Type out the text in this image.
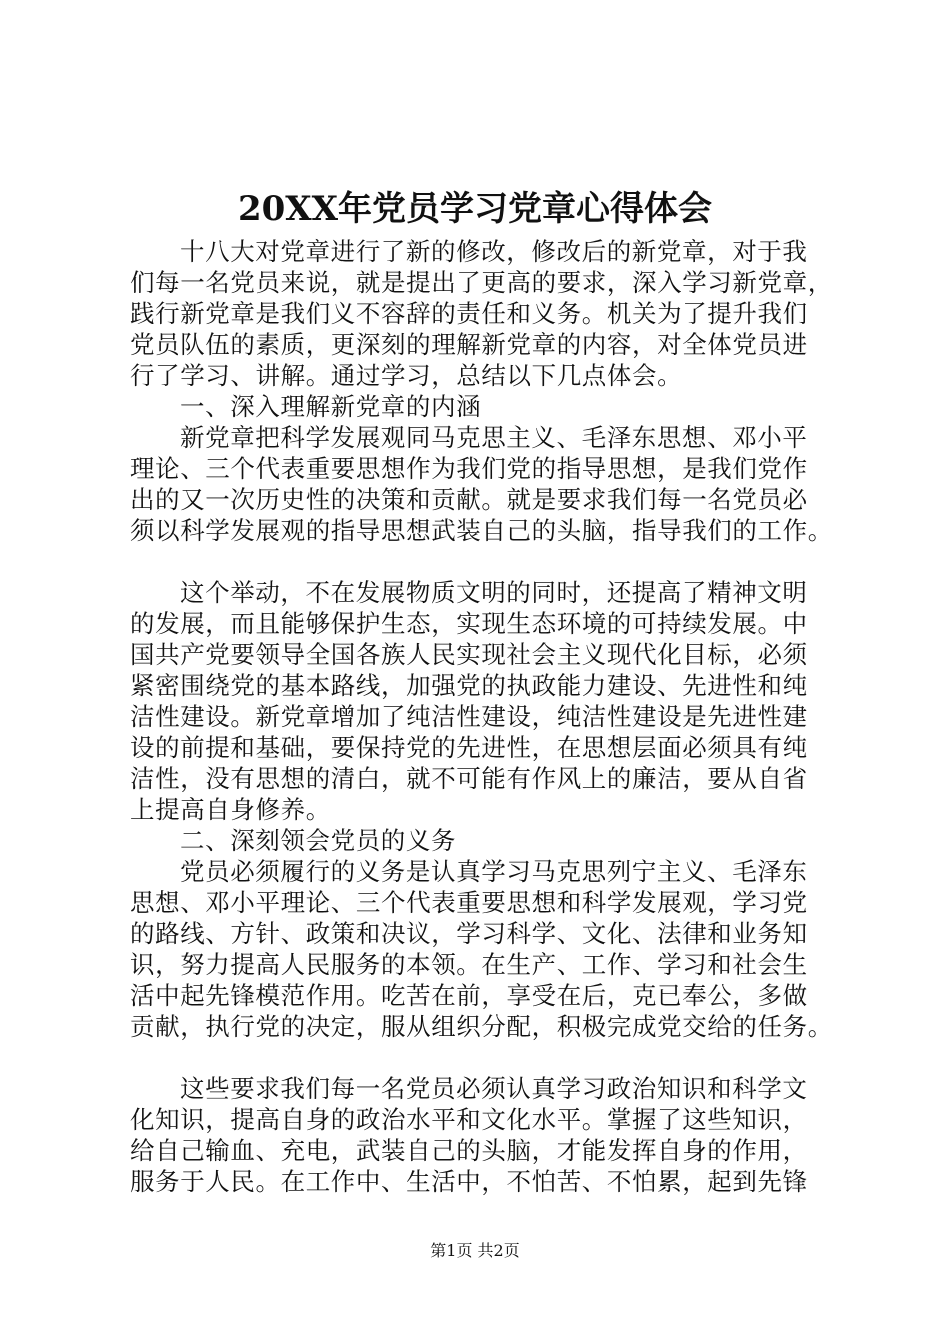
20XX年党员学习党章心得体会
十八大对党章进行了新的修改，修改后的新党章，对于我
们每一名党员来说，就是提出了更高的要求，深入学习新党章，
践行新党章是我们义不容辞的责任和义务。机关为了提升我们
党员队伍的素质，更深刻的理解新党章的内容，对全体党员进
行了学习、讲解。通过学习，总结以下几点体会。
一、深入理解新党章的内涵
新党章把科学发展观同马克思主义、毛泽东思想、邓小平
理论、三个代表重要思想作为我们党的指导思想，是我们党作
出的又一次历史性的决策和贡献。就是要求我们每一名党员必
须以科学发展观的指导思想武装自己的头脑，指导我们的工作。
这个举动，不在发展物质文明的同时，还提高了精神文明
的发展，而且能够保护生态，实现生态环境的可持续发展。中
国共产党要领导全国各族人民实现社会主义现代化目标，必须
紧密围绕党的基本路线，加强党的执政能力建设、先进性和纯
洁性建设。新党章增加了纯洁性建设，纯洁性建设是先进性建
设的前提和基础，要保持党的先进性，在思想层面必须具有纯
洁性，没有思想的清白，就不可能有作风上的廉洁，要从自省
上提高自身修养。
二、深刻领会党员的义务
党员必须履行的义务是认真学习马克思列宁主义、毛泽东
思想、邓小平理论、三个代表重要思想和科学发展观，学习党
的路线、方针、政策和决议，学习科学、文化、法律和业务知
识，努力提高人民服务的本领。在生产、工作、学习和社会生
活中起先锋模范作用。吃苦在前，享受在后，克已奉公，多做
贡献，执行党的决定，服从组织分配，积极完成党交给的任务。
这些要求我们每一名党员必须认真学习政治知识和科学文
化知识，提高自身的政治水平和文化水平。掌握了这些知识，
给自己输血、充电，武装自己的头脑，才能发挥自身的作用，
服务于人民。在工作中、生活中，不怕苦、不怕累，起到先锋
第1页 共2页
